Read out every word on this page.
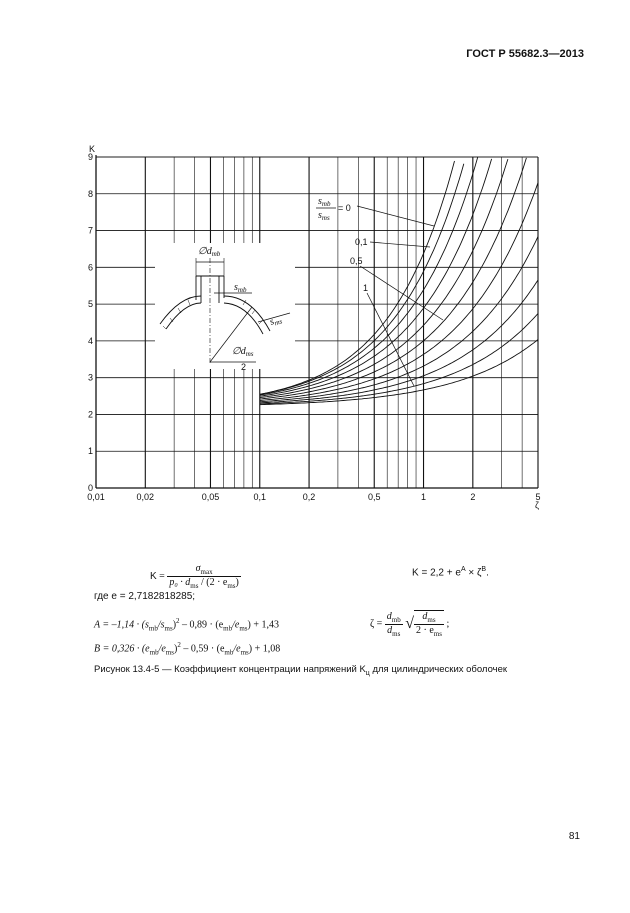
ГОСТ Р 55682.3—2013
0,01	0,02	0,05	0,1	0,2	0,5	1	2	5
0
1
2
3
4
5
6
7
8
9
K
ζ
$s_{mb}$
$s_{ms}$
= 0
0,1
0,5
1
$\emptyset d_{mb}$
$s_{mb}$
$s_{ms}$
$\emptyset d_{ms}$
2
$K = \frac{\sigma_{max}}{p_0 \cdot d_{ms} / (2 \cdot e_{ms})}$	$K = 2,2 + e^A \times \zeta^B$.
где e = 2,7182818285;
$A = -1,14 \cdot (s_{mb}/s_{ms})^2 - 0,89 \cdot (e_{mb}/e_{ms}) + 1,43$
$B = 0,326 \cdot (e_{mb}/e_{ms})^2 - 0,59 \cdot (e_{mb}/e_{ms}) + 1,08$
$\zeta = \frac{d_{mb}}{d_{ms}}$ √ $\frac{d_{ms}}{2 \cdot e_{ms}}$ ;
Рисунок 13.4-5 — Коэффициент концентрации напряжений $K_ц$ для цилиндрических оболочек
81
